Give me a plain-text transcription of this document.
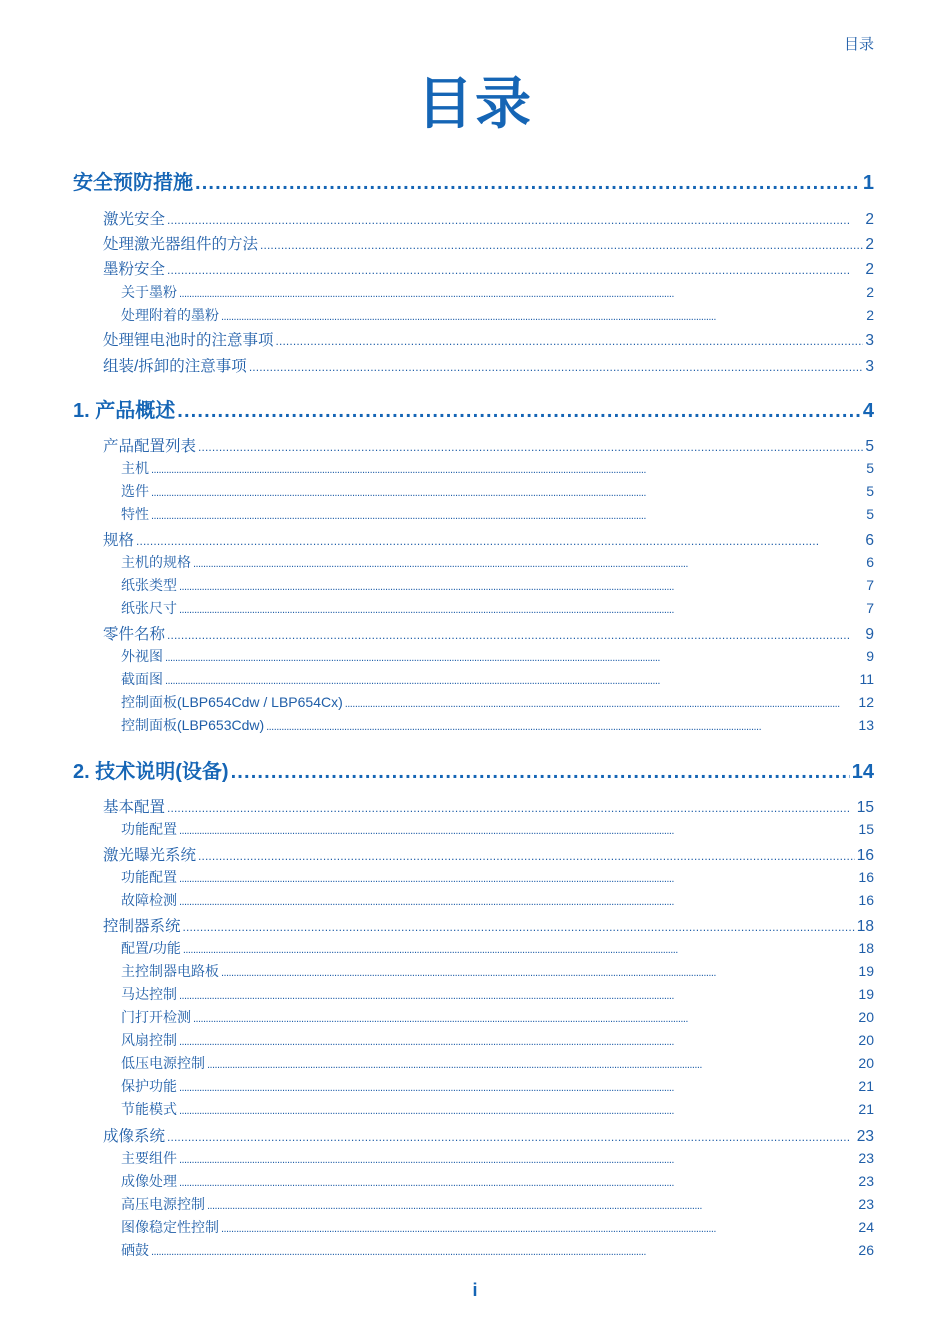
目录
目录
安全预防措施 . . .	1
激光安全 . . .	2
处理激光器组件的方法 . . .	2
墨粉安全 . . .	2
关于墨粉 . . .	2
处理附着的墨粉 . . .	2
处理锂电池时的注意事项 . . .	3
组装/拆卸的注意事项 . . .	3
1. 产品概述 . . .	4
产品配置列表 . . .	5
主机 . . .	5
选件 . . .	5
特性 . . .	5
规格 . . .	6
主机的规格 . . .	6
纸张类型 . . .	7
纸张尺寸 . . .	7
零件名称 . . .	9
外视图 . . .	9
截面图 . . .	11
控制面板(LBP654Cdw / LBP654Cx) . . .	12
控制面板(LBP653Cdw) . . .	13
2. 技术说明(设备) . . .	14
基本配置 . . .	15
功能配置 . . .	15
激光曝光系统 . . .	16
功能配置 . . .	16
故障检测 . . .	16
控制器系统 . . .	18
配置/功能 . . .	18
主控制器电路板 . . .	19
马达控制 . . .	19
门打开检测 . . .	20
风扇控制 . . .	20
低压电源控制 . . .	20
保护功能 . . .	21
节能模式 . . .	21
成像系统 . . .	23
主要组件 . . .	23
成像处理 . . .	23
高压电源控制 . . .	23
图像稳定性控制 . . .	24
硒鼓 . . .	26
i
